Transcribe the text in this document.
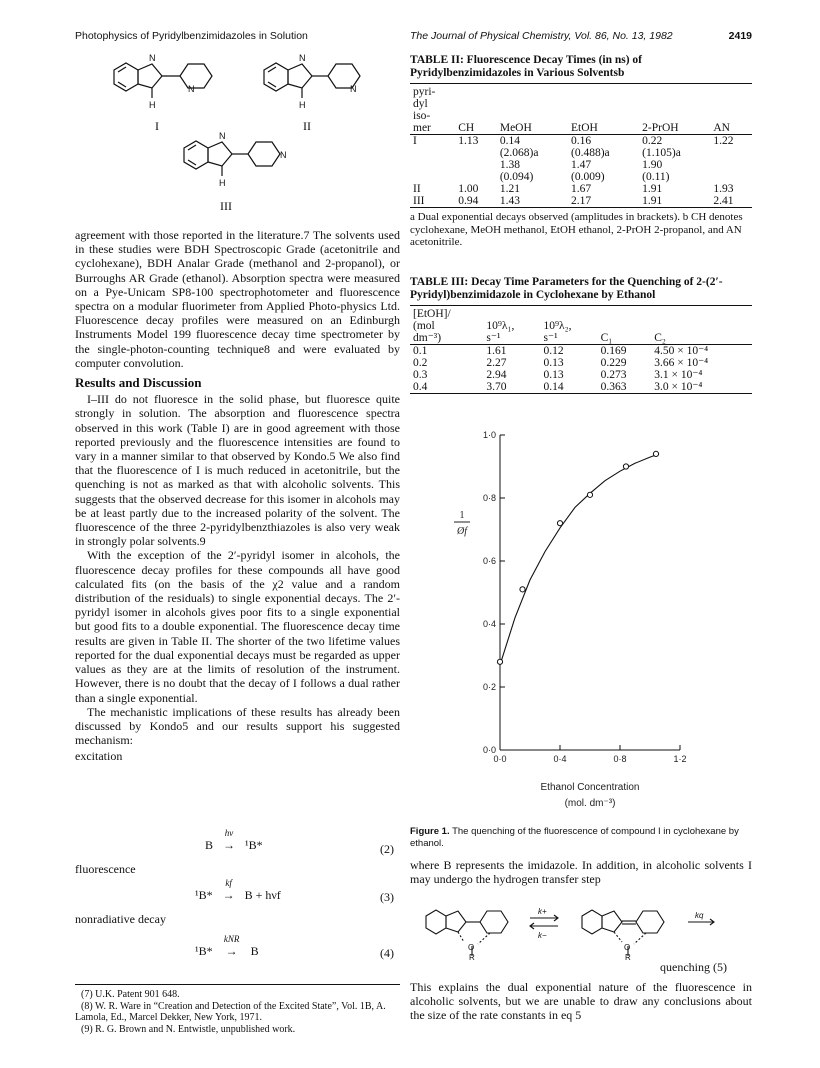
Photophysics of Pyridylbenzimidazoles in Solution	The Journal of Physical Chemistry, Vol. 86, No. 13, 1982	2419
N
N
H
N
N
H
N
N
H
I	II
III

agreement with those reported in the literature.7 The solvents used in these studies were BDH Spectroscopic Grade (acetonitrile and cyclohexane), BDH Analar Grade (methanol and 2-propanol), or Burroughs AR Grade (ethanol). Absorption spectra were measured on a Pye-Unicam SP8-100 spectrophotometer and fluorescence spectra on a modular fluorimeter from Applied Photo-physics Ltd. Fluorescence decay profiles were measured on an Edinburgh Instruments Model 199 fluorescence decay time spectrometer by the single-photon-counting technique8 and were evaluated by computer convolution.

Results and Discussion

I–III do not fluoresce in the solid phase, but fluoresce quite strongly in solution. The absorption and fluorescence spectra observed in this work (Table I) are in good agreement with those reported previously and the fluorescence intensities are found to vary in a manner similar to that observed by Kondo.5 We also find that the fluorescence of I is much reduced in acetonitrile, but the quenching is not as marked as that with alcoholic solvents. This suggests that the observed decrease for this isomer in alcohols may be at least partly due to the increased polarity of the solvent. The fluorescence of the three 2-pyridylbenzthiazoles is also very weak in strongly polar solvents.9

With the exception of the 2′-pyridyl isomer in alcohols, the fluorescence decay profiles for these compounds all have good calculated fits (on the basis of the χ2 value and a random distribution of the residuals) to single exponential decays. The 2′-pyridyl isomer in alcohols gives poor fits to a single exponential but good fits to a double exponential. The fluorescence decay time results are given in Table II. The shorter of the two lifetime values reported for the dual exponential decays must be regarded as upper values as they are at the limits of resolution of the instrument. However, there is no doubt that the decay of I follows a dual rather than a single exponential.

The mechanistic implications of these results has already been discussed by Kondo5 and our results support his suggested mechanism:

excitation

B
hν
→ ¹B*	(2)
fluorescence
¹B*
kf
→ B + hνf	(3)
nonradiative decay
¹B*
kNR
→ B	(4)
(7) U.K. Patent 901 648.
(8) W. R. Ware in “Creation and Detection of the Excited State”, Vol. 1B, A. Lamola, Ed., Marcel Dekker, New York, 1971.
(9) R. G. Brown and N. Entwistle, unpublished work.
TABLE II: Fluorescence Decay Times (in ns) of Pyridylbenzimidazoles in Various Solventsb
pyri-
dyl
iso-
mer	CH	MeOH	EtOH	2-PrOH	AN
I	1.13	0.14	0.16	0.22	1.22
		(2.068)a	(0.488)a	(1.105)a	
		1.38	1.47	1.90	
		(0.094)	(0.009)	(0.11)	
II	1.00	1.21	1.67	1.91	1.93
III	0.94	1.43	2.17	1.91	2.41
a Dual exponential decays observed (amplitudes in brackets). b CH denotes cyclohexane, MeOH methanol, EtOH ethanol, 2-PrOH 2-propanol, and AN acetonitrile.
TABLE III: Decay Time Parameters for the Quenching of 2-(2′-Pyridyl)benzimidazole in Cyclohexane by Ethanol
[EtOH]/
(mol
dm⁻³)	10⁹λ₁,
s⁻¹	10⁹λ₂,
s⁻¹	C₁	C₂
0.1	1.61	0.12	0.169	4.50 × 10⁻⁴
0.2	2.27	0.13	0.229	3.66 × 10⁻⁴
0.3	2.94	0.13	0.273	3.1 × 10⁻⁴
0.4	3.70	0.14	0.363	3.0 × 10⁻⁴
0·0
0·2
0·4
0·6
0·8
1·0
0·0	0·4	0·8	1·2
Ethanol Concentration
(mol. dm⁻³)
1
Øf
Figure 1. The quenching of the fluorescence of compound I in cyclohexane by ethanol.

where B represents the imidazole. In addition, in alcoholic solvents I may undergo the hydrogen transfer step

O
R
O
R
k+
k−
kq
quenching (5)

This explains the dual exponential nature of the fluorescence in alcoholic solvents, but we are unable to draw any conclusions about the size of the rate constants in eq 5
